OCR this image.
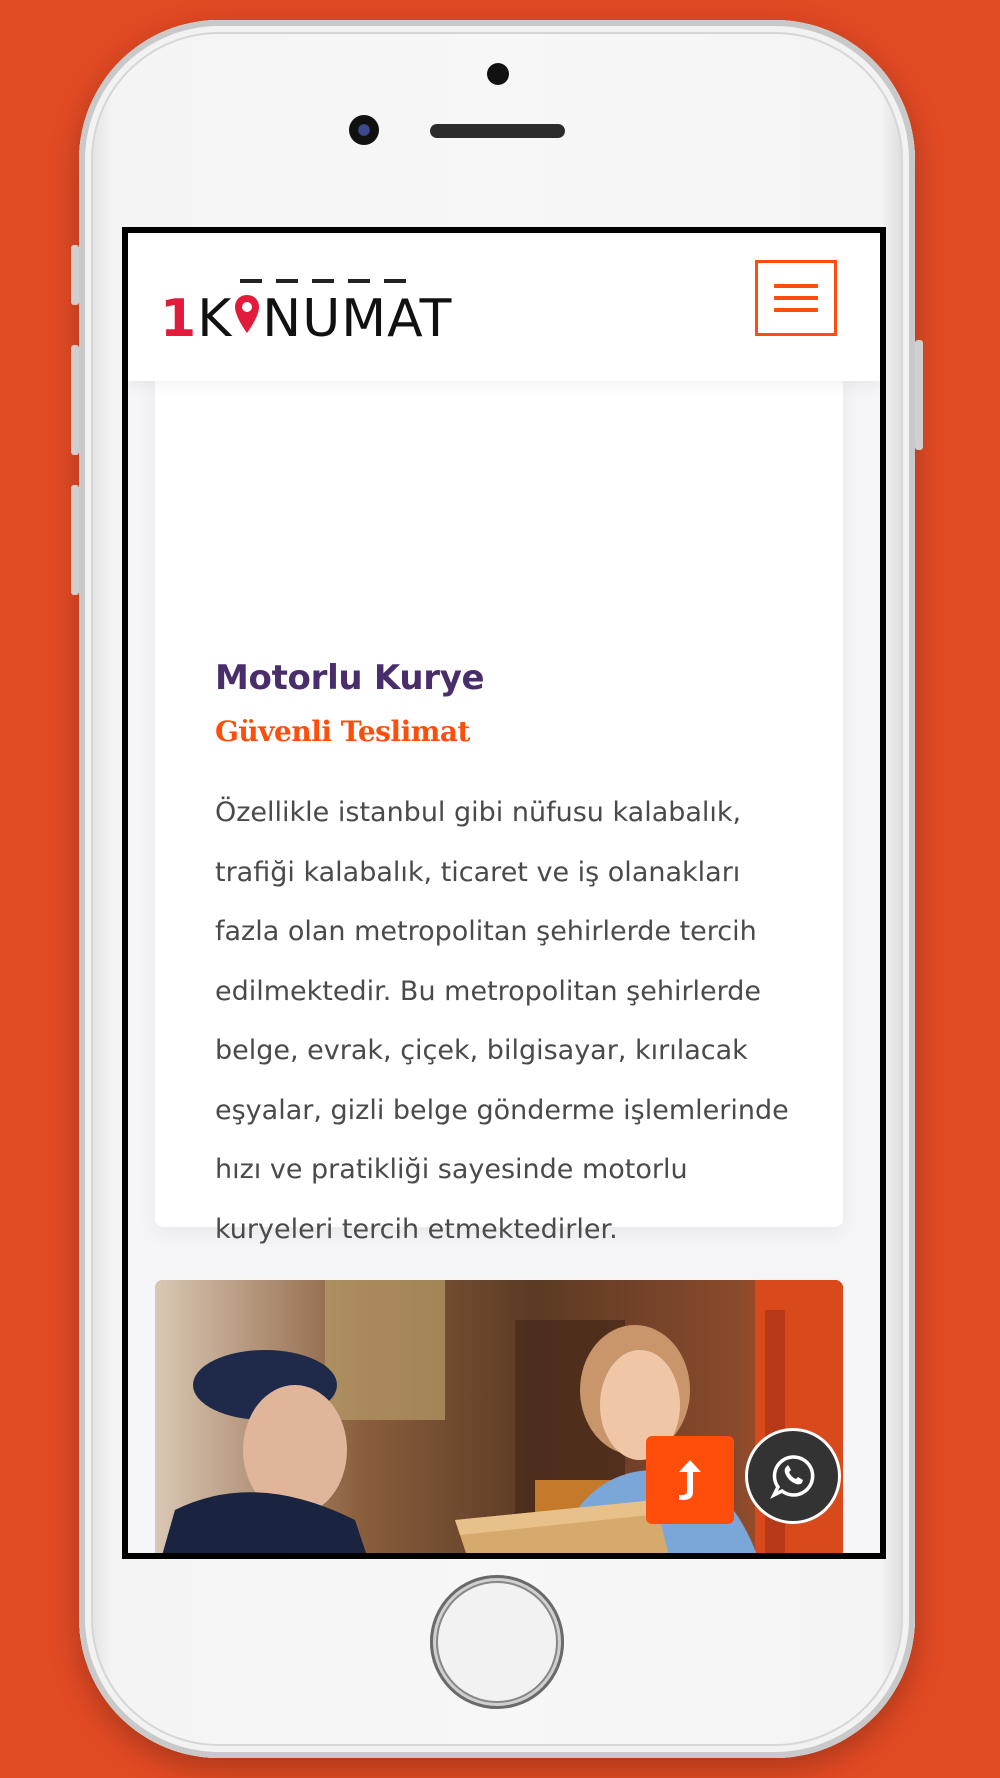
1 K NUMAT
Motorlu Kurye
Güvenli Teslimat

Özellikle istanbul gibi nüfusu kalabalık, trafiği kalabalık, ticaret ve iş olanakları fazla olan metropolitan şehirlerde tercih edilmektedir. Bu metropolitan şehirlerde belge, evrak, çiçek, bilgisayar, kırılacak eşyalar, gizli belge gönderme işlemlerinde hızı ve pratikliği sayesinde motorlu kuryeleri tercih etmektedirler.
